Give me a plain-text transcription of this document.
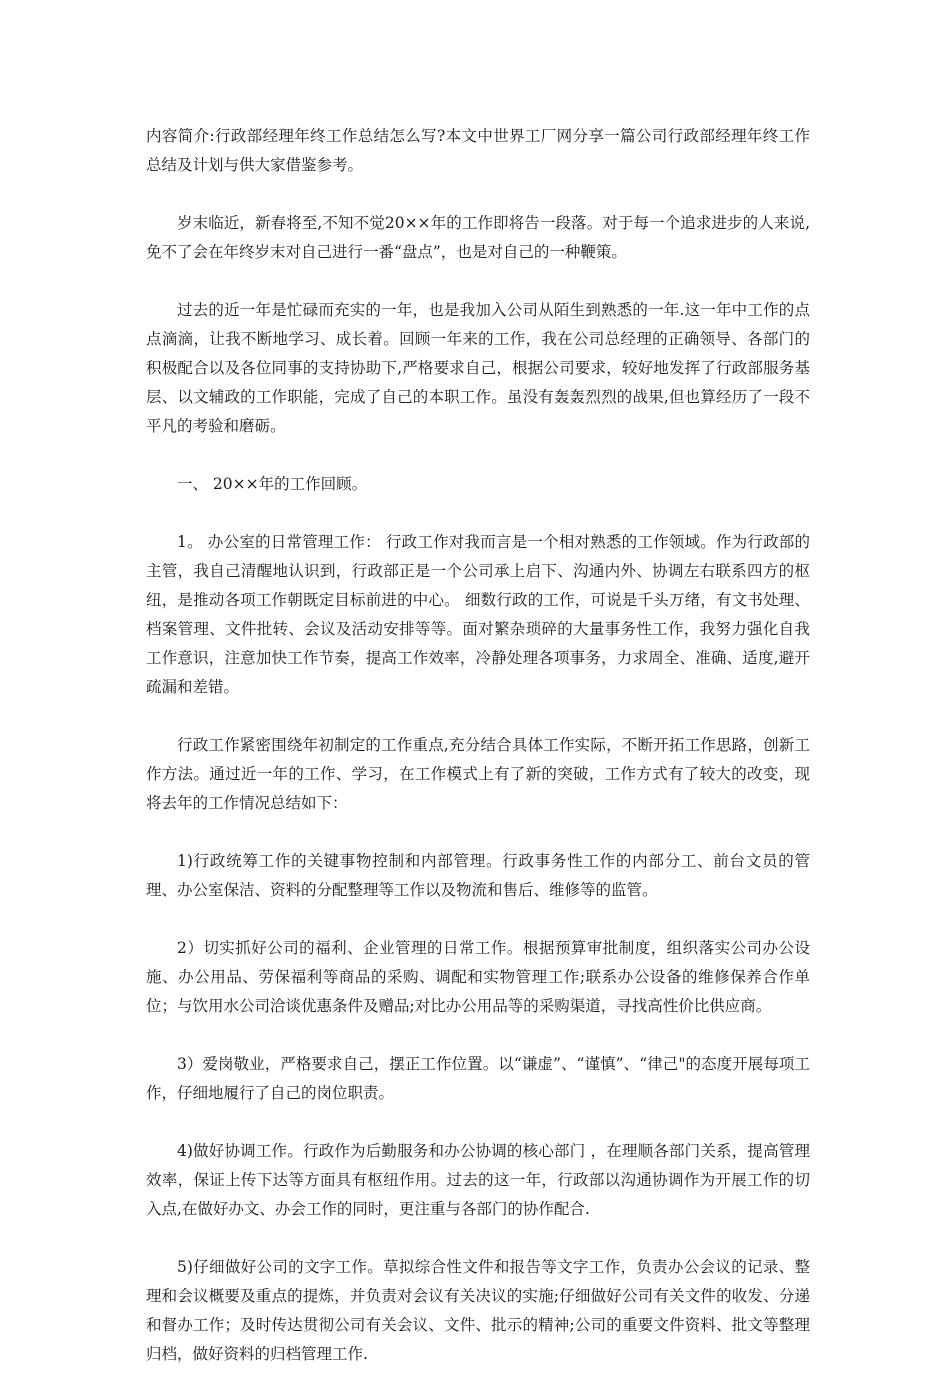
内容简介:行政部经理年终工作总结怎么写?本文中世界工厂网分享一篇公司行政部经理年终工作总结及计划与供大家借鉴参考。

岁末临近，新春将至,不知不觉20××年的工作即将告一段落。对于每一个追求进步的人来说,免不了会在年终岁末对自己进行一番“盘点”，也是对自己的一种鞭策。

过去的近一年是忙碌而充实的一年，也是我加入公司从陌生到熟悉的一年.这一年中工作的点点滴滴，让我不断地学习、成长着。回顾一年来的工作，我在公司总经理的正确领导、各部门的积极配合以及各位同事的支持协助下,严格要求自己，根据公司要求，较好地发挥了行政部服务基层、以文辅政的工作职能，完成了自己的本职工作。虽没有轰轰烈烈的战果,但也算经历了一段不平凡的考验和磨砺。

一、 20××年的工作回顾。

1。 办公室的日常管理工作： 行政工作对我而言是一个相对熟悉的工作领域。作为行政部的主管，我自己清醒地认识到，行政部正是一个公司承上启下、沟通内外、协调左右联系四方的枢纽，是推动各项工作朝既定目标前进的中心。 细数行政的工作，可说是千头万绪，有文书处理、档案管理、文件批转、会议及活动安排等等。面对繁杂琐碎的大量事务性工作，我努力强化自我工作意识，注意加快工作节奏，提高工作效率，冷静处理各项事务，力求周全、准确、适度,避开疏漏和差错。

行政工作紧密围绕年初制定的工作重点,充分结合具体工作实际，不断开拓工作思路，创新工作方法。通过近一年的工作、学习，在工作模式上有了新的突破，工作方式有了较大的改变，现将去年的工作情况总结如下：

1)行政统筹工作的关键事物控制和内部管理。行政事务性工作的内部分工、前台文员的管理、办公室保洁、资料的分配整理等工作以及物流和售后、维修等的监管。

2）切实抓好公司的福利、企业管理的日常工作。根据预算审批制度，组织落实公司办公设施、办公用品、劳保福利等商品的采购、调配和实物管理工作;联系办公设备的维修保养合作单位；与饮用水公司洽谈优惠条件及赠品;对比办公用品等的采购渠道，寻找高性价比供应商。

3）爱岗敬业，严格要求自己，摆正工作位置。以“谦虚”、“谨慎”、“律己"的态度开展每项工作，仔细地履行了自己的岗位职责。

4)做好协调工作。行政作为后勤服务和办公协调的核心部门 ，在理顺各部门关系，提高管理效率，保证上传下达等方面具有枢纽作用。过去的这一年，行政部以沟通协调作为开展工作的切入点,在做好办文、办会工作的同时，更注重与各部门的协作配合.

5)仔细做好公司的文字工作。草拟综合性文件和报告等文字工作，负责办公会议的记录、整理和会议概要及重点的提炼，并负责对会议有关决议的实施;仔细做好公司有关文件的收发、分递和督办工作；及时传达贯彻公司有关会议、文件、批示的精神;公司的重要文件资料、批文等整理归档，做好资料的归档管理工作.
